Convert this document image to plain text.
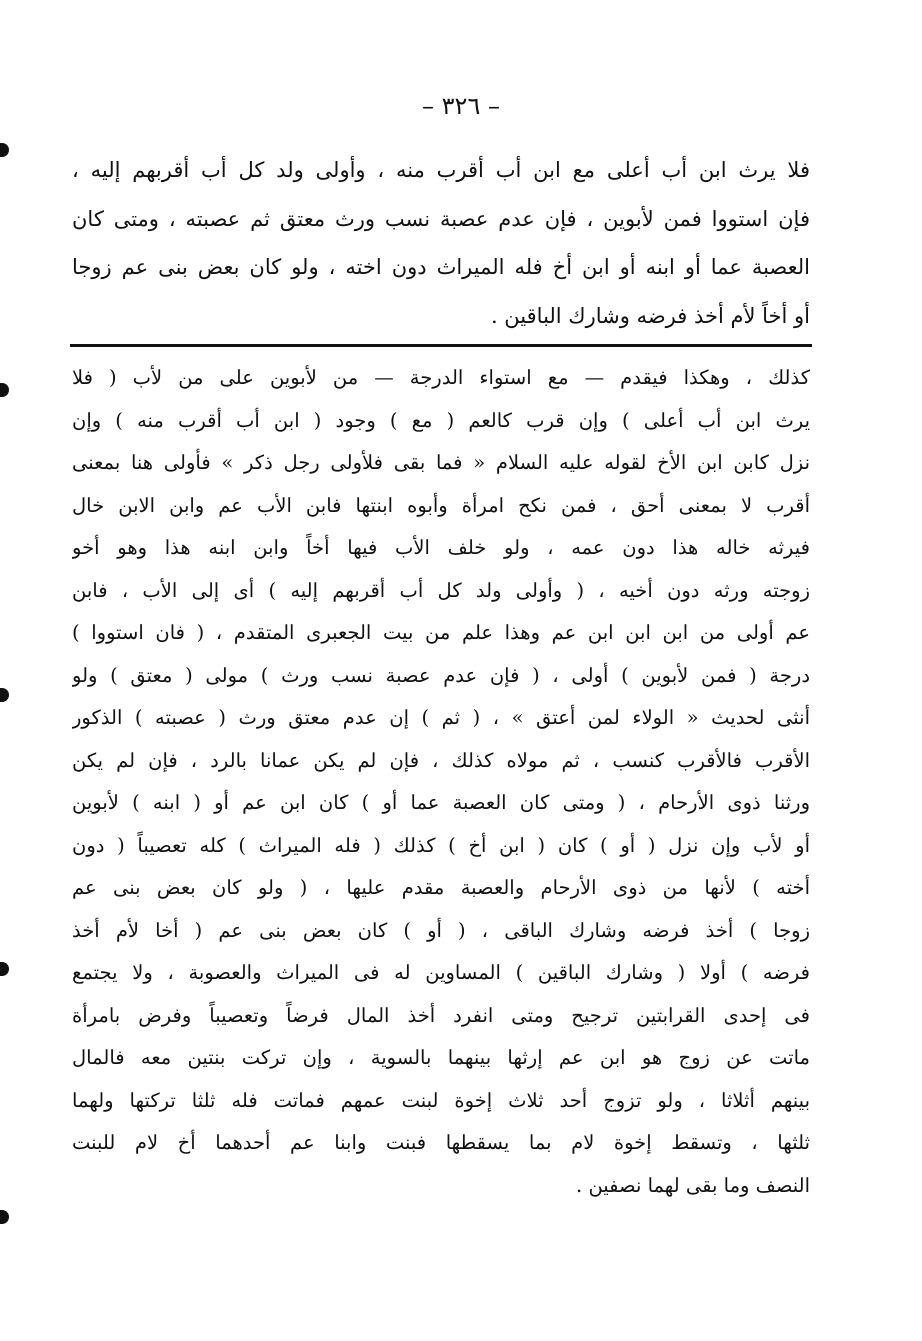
– ٣٢٦ –
فلا يرث ابن أب أعلى مع ابن أب أقرب منه ، وأولى ولد كل أب أقربهم إليه ،
فإن استووا فمن لأبوين ، فإن عدم عصبة نسب ورث معتق ثم عصبته ، ومتى كان
العصبة عما أو ابنه أو ابن أخ فله الميراث دون اخته ، ولو كان بعض بنى عم زوجا
أو أخاً لأم أخذ فرضه وشارك الباقين .
كذلك ، وهكذا فيقدم — مع استواء الدرجة — من لأبوين على من لأب ( فلا
يرث ابن أب أعلى ) وإن قرب كالعم ( مع ) وجود ( ابن أب أقرب منه ) وإن
نزل كابن ابن الأخ لقوله عليه السلام « فما بقى فلأولى رجل ذكر » فأولى هنا بمعنى
أقرب لا بمعنى أحق ، فمن نكح امرأة وأبوه ابنتها فابن الأب عم وابن الابن خال
فيرثه خاله هذا دون عمه ، ولو خلف الأب فيها أخاً وابن ابنه هذا وهو أخو
زوجته ورثه دون أخيه ، ( وأولى ولد كل أب أقربهم إليه ) أى إلى الأب ، فابن
عم أولى من ابن ابن ابن عم وهذا علم من بيت الجعبرى المتقدم ، ( فان استووا )
درجة ( فمن لأبوين ) أولى ، ( فإن عدم عصبة نسب ورث ) مولى ( معتق ) ولو
أنثى لحديث « الولاء لمن أعتق » ، ( ثم ) إن عدم معتق ورث ( عصبته ) الذكور
الأقرب فالأقرب كنسب ، ثم مولاه كذلك ، فإن لم يكن عمانا بالرد ، فإن لم يكن
ورثنا ذوى الأرحام ، ( ومتى كان العصبة عما أو ) كان ابن عم أو ( ابنه ) لأبوين
أو لأب وإن نزل ( أو ) كان ( ابن أخ ) كذلك ( فله الميراث ) كله تعصيباً ( دون
أخته ) لأنها من ذوى الأرحام والعصبة مقدم عليها ، ( ولو كان بعض بنى عم
زوجا ) أخذ فرضه وشارك الباقى ، ( أو ) كان بعض بنى عم ( أخا لأم أخذ
فرضه ) أولا ( وشارك الباقين ) المساوين له فى الميراث والعصوبة ، ولا يجتمع
فى إحدى القرابتين ترجيح ومتى انفرد أخذ المال فرضاً وتعصيباً وفرض بامرأة
ماتت عن زوج هو ابن عم إرثها بينهما بالسوية ، وإن تركت بنتين معه فالمال
بينهم أثلاثا ، ولو تزوج أحد ثلاث إخوة لبنت عمهم فماتت فله ثلثا تركتها ولهما
ثلثها ، وتسقط إخوة لام بما يسقطها فبنت وابنا عم أحدهما أخ لام للبنت
النصف وما بقى لهما نصفين .
